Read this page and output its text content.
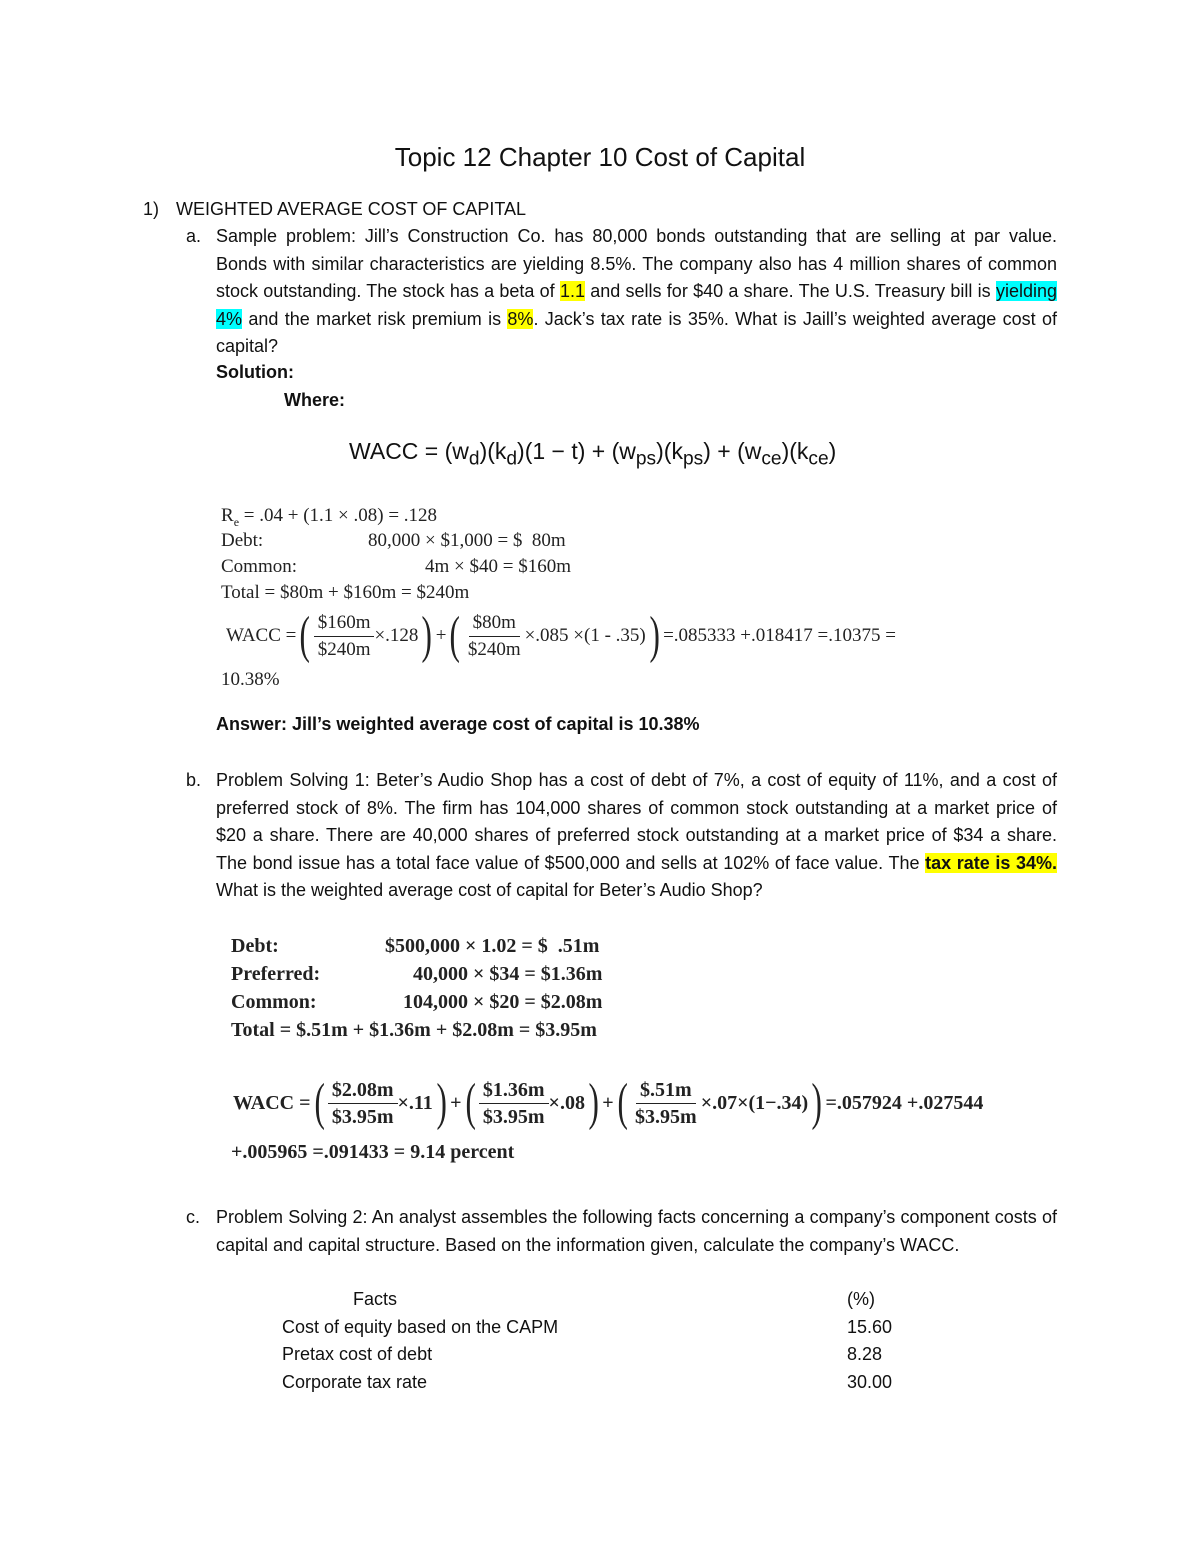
Topic 12 Chapter 10 Cost of Capital
1) WEIGHTED AVERAGE COST OF CAPITAL
a. Sample problem: Jill’s Construction Co. has 80,000 bonds outstanding that are selling at par value. Bonds with similar characteristics are yielding 8.5%. The company also has 4 million shares of common stock outstanding. The stock has a beta of 1.1 and sells for $40 a share. The U.S. Treasury bill is yielding 4% and the market risk premium is 8%. Jack’s tax rate is 35%. What is Jaill’s weighted average cost of capital?
Solution:
Where:
WACC = $(w_d)(k_d)(1 - t) + (w_{ps})(k_{ps}) + (w_{ce})(k_{ce})$
$R_e = .04 + (1.1 \times .08) = .128$
Debt:	80,000 × $1,000 = $  80m
Common:	4m × $40 = $160m
Total = $80m + $160m = $240m
WACC = ( $\frac{\$160m}{\$240m} \times.128$ ) + ( $\frac{\$80m}{\$240m} \times.085 \times(1 - .35)$ ) =.085333 +.018417 =.10375 =
10.38%
Answer: Jill’s weighted average cost of capital is 10.38%
b. Problem Solving 1: Beter’s Audio Shop has a cost of debt of 7%, a cost of equity of 11%, and a cost of preferred stock of 8%. The firm has 104,000 shares of common stock outstanding at a market price of $20 a share. There are 40,000 shares of preferred stock outstanding at a market price of $34 a share. The bond issue has a total face value of $500,000 and sells at 102% of face value. The tax rate is 34%. What is the weighted average cost of capital for Beter’s Audio Shop?
Debt:	$500,000 × 1.02 = $  .51m
Preferred:	40,000 × $34 = $1.36m
Common:	104,000 × $20 = $2.08m
Total = $.51m + $1.36m + $2.08m = $3.95m
WACC = ( $\frac{\$2.08m}{\$3.95m} \times.11$ ) + ( $\frac{\$1.36m}{\$3.95m} \times.08$ ) + ( $\frac{\$.51m}{\$3.95m} \times.07\times(1-.34)$ ) =.057924 +.027544
+.005965 =.091433 = 9.14 percent
c. Problem Solving 2: An analyst assembles the following facts concerning a company’s component costs of capital and capital structure. Based on the information given, calculate the company’s WACC.
Facts	(%)
Cost of equity based on the CAPM	15.60
Pretax cost of debt	8.28
Corporate tax rate	30.00
